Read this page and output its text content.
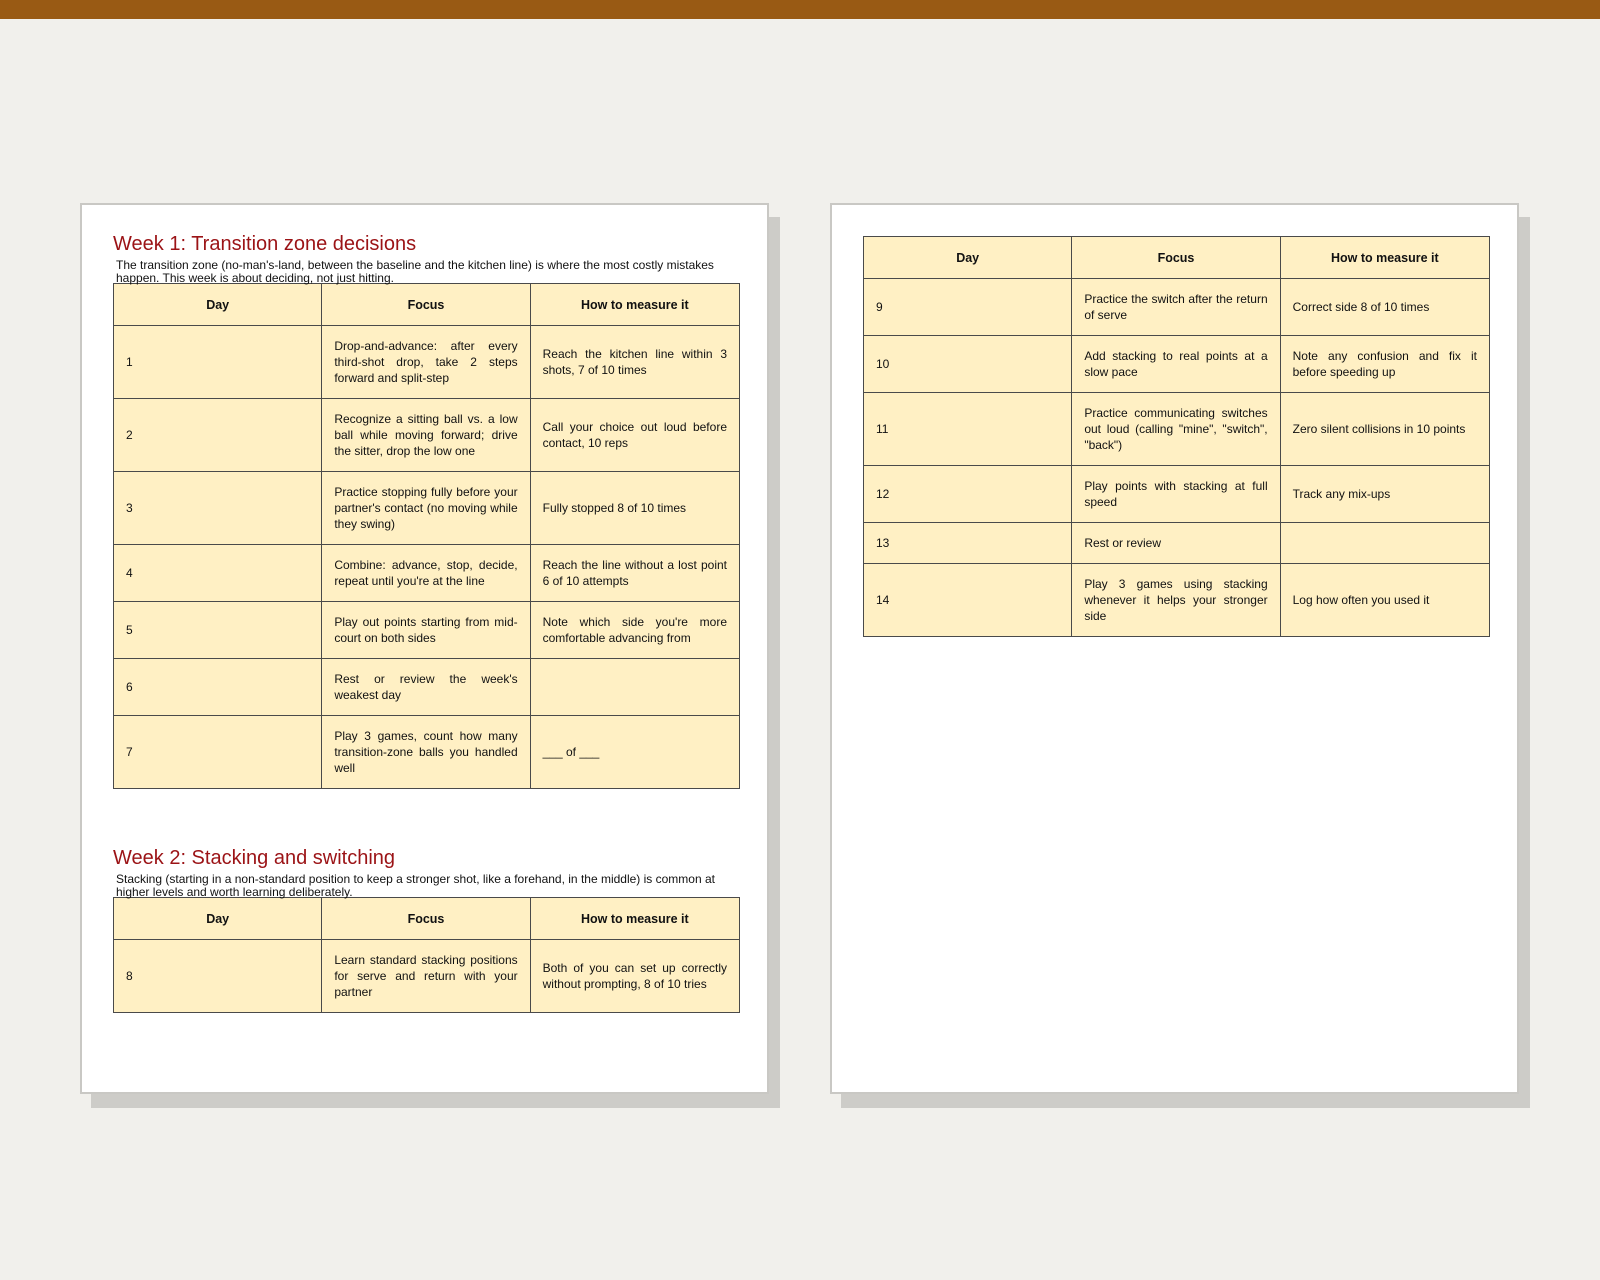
Week 1: Transition zone decisions
The transition zone (no-man's-land, between the baseline and the kitchen line) is where the most costly mistakes happen. This week is about deciding, not just hitting.
Day	Focus	How to measure it
1	Drop-and-advance: after every third-shot drop, take 2 steps forward and split-step	Reach the kitchen line within 3 shots, 7 of 10 times
2	Recognize a sitting ball vs. a low ball while moving forward; drive the sitter, drop the low one	Call your choice out loud before contact, 10 reps
3	Practice stopping fully before your partner's contact (no moving while they swing)	Fully stopped 8 of 10 times
4	Combine: advance, stop, decide, repeat until you're at the line	Reach the line without a lost point 6 of 10 attempts
5	Play out points starting from mid-court on both sides	Note which side you're more comfortable advancing from
6	Rest or review the week's weakest day	
7	Play 3 games, count how many transition-zone balls you handled well	___ of ___
Week 2: Stacking and switching
Stacking (starting in a non-standard position to keep a stronger shot, like a forehand, in the middle) is common at higher levels and worth learning deliberately.
Day	Focus	How to measure it
8	Learn standard stacking positions for serve and return with your partner	Both of you can set up correctly without prompting, 8 of 10 tries
Day	Focus	How to measure it
9	Practice the switch after the return of serve	Correct side 8 of 10 times
10	Add stacking to real points at a slow pace	Note any confusion and fix it before speeding up
11	Practice communicating switches out loud (calling "mine", "switch", "back")	Zero silent collisions in 10 points
12	Play points with stacking at full speed	Track any mix-ups
13	Rest or review	
14	Play 3 games using stacking whenever it helps your stronger side	Log how often you used it
